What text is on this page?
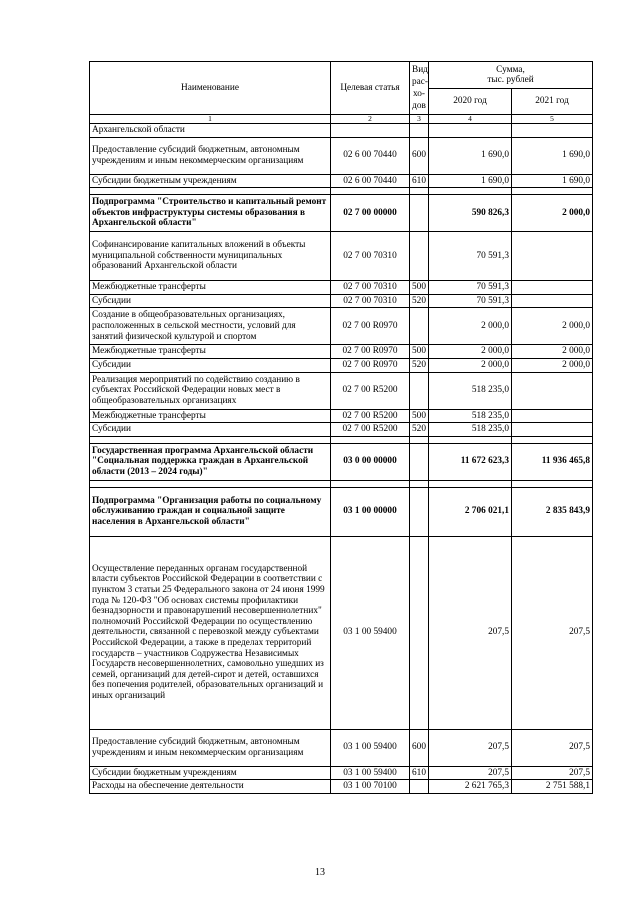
Наименование	Целевая статья	Вид
рас-
хо-
дов	Сумма,
тыс. рублей	
			2020 год	2021 год
1	2	3	4	5
Архангельской области				
Предоставление субсидий бюджетным, автономным учреждениям и иным некоммерческим организациям	02 6 00 70440	600	1 690,0	1 690,0
Субсидии бюджетным учреждениям	02 6 00 70440	610	1 690,0	1 690,0

Подпрограмма "Строительство и капитальный ремонт объектов инфраструктуры системы образования в Архангельской области"	02 7 00 00000		590 826,3	2 000,0
Софинансирование капитальных вложений в объекты муниципальной собственности муниципальных образований Архангельской области	02 7 00 70310		70 591,3	
Межбюджетные трансферты	02 7 00 70310	500	70 591,3	
Субсидии	02 7 00 70310	520	70 591,3	
Создание в общеобразовательных организациях, расположенных в сельской местности, условий для занятий физической культурой и спортом	02 7 00 R0970		2 000,0	2 000,0
Межбюджетные трансферты	02 7 00 R0970	500	2 000,0	2 000,0
Субсидии	02 7 00 R0970	520	2 000,0	2 000,0
Реализация мероприятий по содействию созданию в субъектах Российской Федерации новых мест в общеобразовательных организациях	02 7 00 R5200		518 235,0	
Межбюджетные трансферты	02 7 00 R5200	500	518 235,0	
Субсидии	02 7 00 R5200	520	518 235,0	

Государственная программа Архангельской области "Социальная поддержка граждан в Архангельской области (2013 – 2024 годы)"	03 0 00 00000		11 672 623,3	11 936 465,8

Подпрограмма "Организация работы по социальному обслуживанию граждан и социальной защите населения в Архангельской области"	03 1 00 00000		2 706 021,1	2 835 843,9
Осуществление переданных органам государственной власти субъектов Российской Федерации в соответствии с пунктом 3 статьи 25 Федерального закона от 24 июня 1999 года № 120-ФЗ "Об основах системы профилактики безнадзорности и правонарушений несовершеннолетних" полномочий Российской Федерации по осуществлению деятельности, связанной с перевозкой между субъектами Российской Федерации, а также в пределах территорий государств – участников Содружества Независимых Государств несовершеннолетних, самовольно ушедших из семей, организаций для детей-сирот и детей, оставшихся без попечения родителей, образовательных организаций и иных организаций	03 1 00 59400		207,5	207,5
Предоставление субсидий бюджетным, автономным учреждениям и иным некоммерческим организациям	03 1 00 59400	600	207,5	207,5
Субсидии бюджетным учреждениям	03 1 00 59400	610	207,5	207,5
Расходы на обеспечение деятельности	03 1 00 70100		2 621 765,3	2 751 588,1
13
